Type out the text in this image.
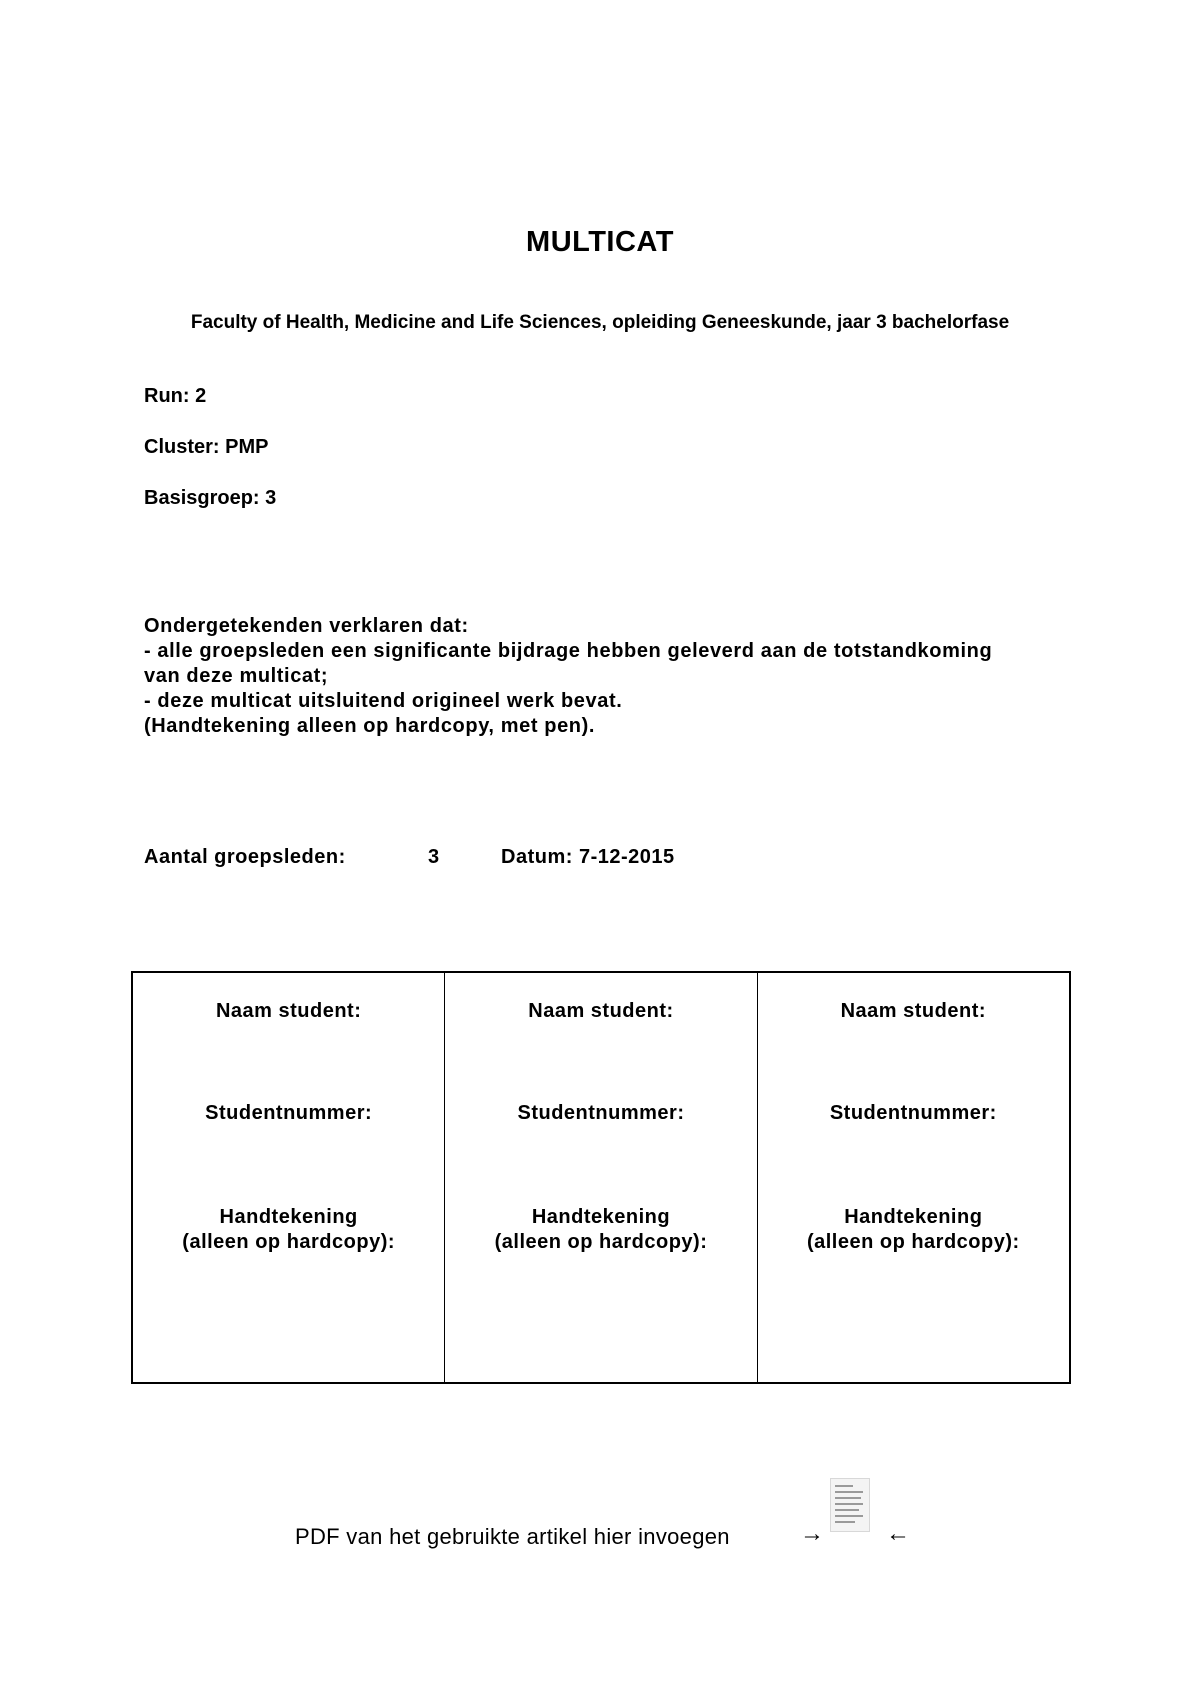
MULTICAT
Faculty of Health, Medicine and Life Sciences, opleiding Geneeskunde, jaar 3 bachelorfase
Run: 2
Cluster: PMP
Basisgroep: 3
Ondergetekenden verklaren dat:
- alle groepsleden een significante bijdrage hebben geleverd aan de totstandkoming
van deze multicat;
- deze multicat uitsluitend origineel werk bevat.
(Handtekening alleen op hardcopy, met pen).
Aantal groepsleden:	3	Datum: 7-12-2015
Naam student:
Studentnummer:
Handtekening
(alleen op hardcopy):
Naam student:
Studentnummer:
Handtekening
(alleen op hardcopy):
Naam student:
Studentnummer:
Handtekening
(alleen op hardcopy):
PDF van het gebruikte artikel hier invoegen	→	←
